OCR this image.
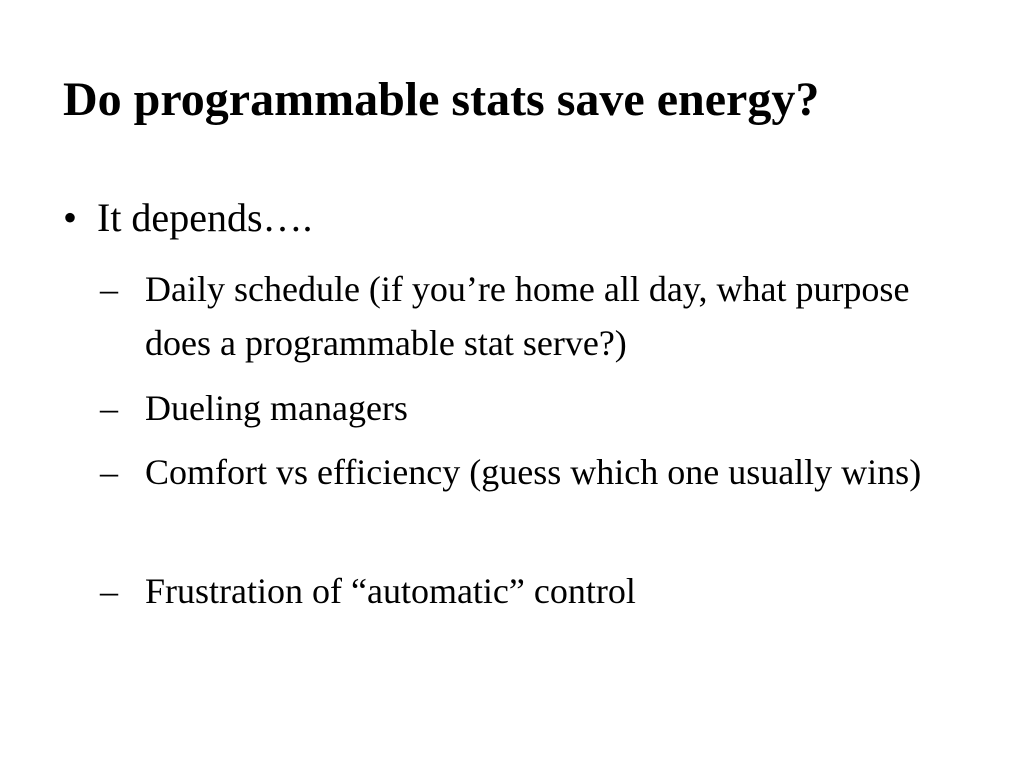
Do programmable stats save energy?
• It depends….
– Daily schedule (if you’re home all day, what purpose does a programmable stat serve?)
– Dueling managers
– Comfort vs efficiency (guess which one usually wins)
– Frustration of “automatic” control
